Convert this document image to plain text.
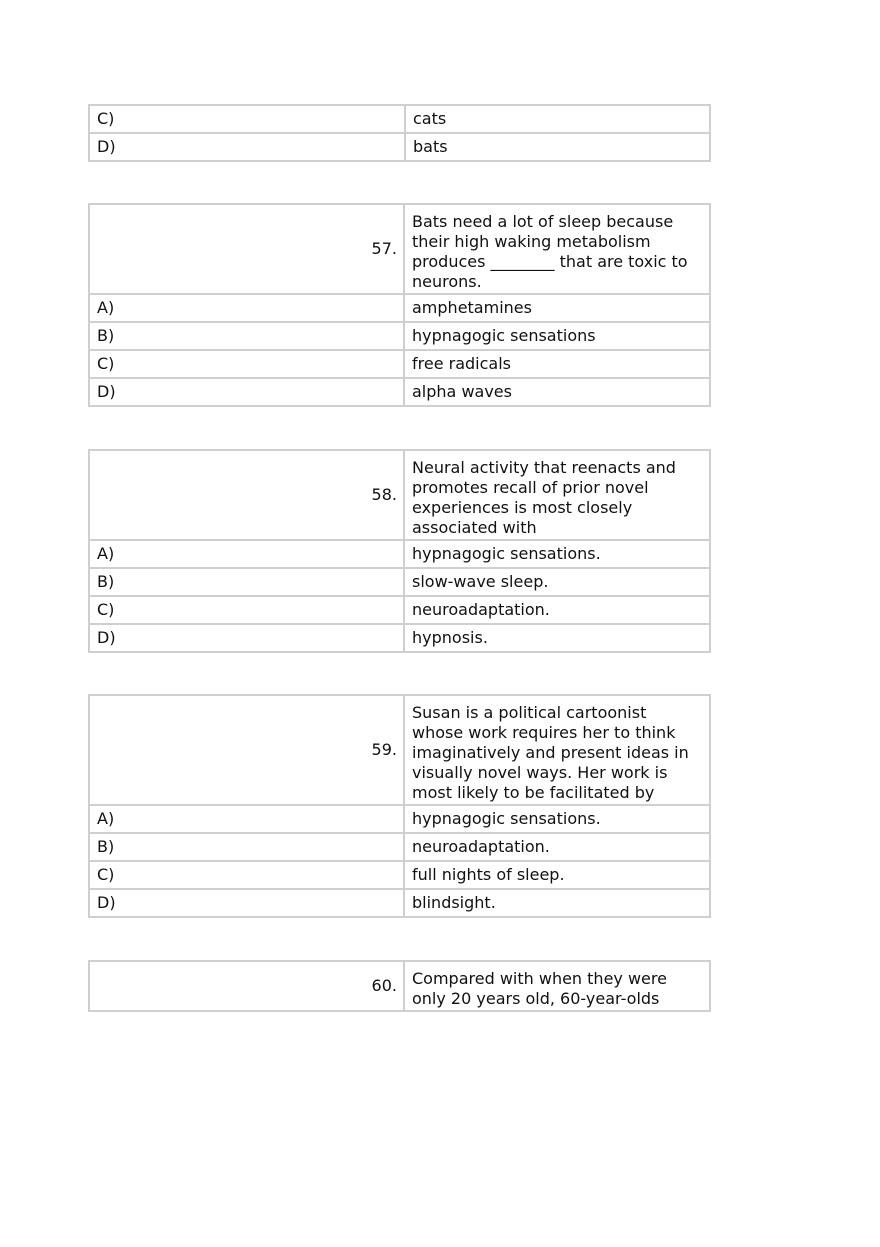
C)	cats
D)	bats
57.	Bats need a lot of sleep because their high waking metabolism produces ________ that are toxic to neurons.
A)	amphetamines
B)	hypnagogic sensations
C)	free radicals
D)	alpha waves
58.	Neural activity that reenacts and promotes recall of prior novel experiences is most closely associated with
A)	hypnagogic sensations.
B)	slow-wave sleep.
C)	neuroadaptation.
D)	hypnosis.
59.	Susan is a political cartoonist whose work requires her to think imaginatively and present ideas in visually novel ways. Her work is most likely to be facilitated by
A)	hypnagogic sensations.
B)	neuroadaptation.
C)	full nights of sleep.
D)	blindsight.
60.	Compared with when they were only 20 years old, 60-year-olds
